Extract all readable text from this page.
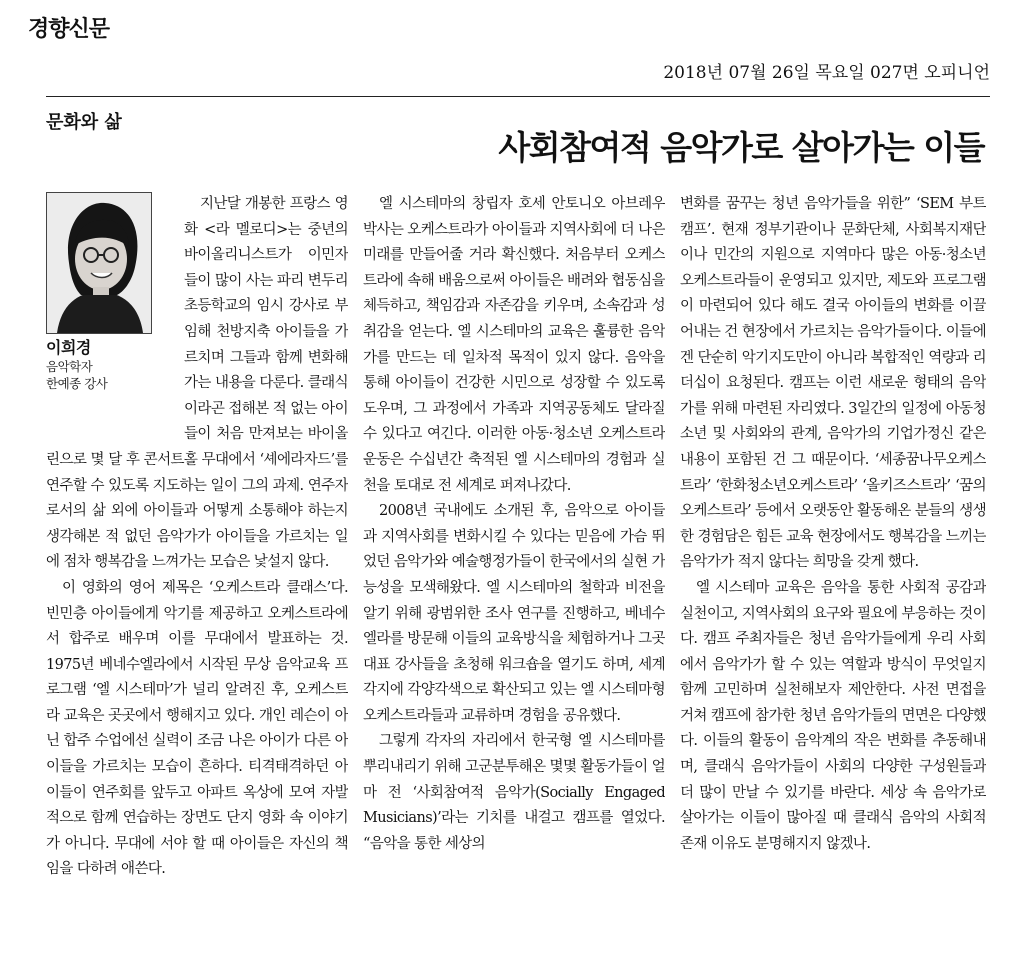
경향신문
2018년 07월 26일 목요일 027면 오피니언
문화와 삶
사회참여적 음악가로 살아가는 이들
이희경
음악학자
한예종 강사

지난달 개봉한 프랑스 영화 <라 멜로디>는 중년의 바이올리니스트가 이민자들이 많이 사는 파리 변두리 초등학교의 임시 강사로 부임해 천방지축 아이들을 가르치며 그들과 함께 변화해가는 내용을 다룬다. 클래식이라곤 접해본 적 없는 아이들이 처음 만져보는 바이올린으로 몇 달 후 콘서트홀 무대에서 ‘셰에라자드’를 연주할 수 있도록 지도하는 일이 그의 과제. 연주자로서의 삶 외에 아이들과 어떻게 소통해야 하는지 생각해본 적 없던 음악가가 아이들을 가르치는 일에 점차 행복감을 느껴가는 모습은 낯설지 않다.

이 영화의 영어 제목은 ‘오케스트라 클래스’다. 빈민층 아이들에게 악기를 제공하고 오케스트라에서 합주로 배우며 이를 무대에서 발표하는 것. 1975년 베네수엘라에서 시작된 무상 음악교육 프로그램 ‘엘 시스테마’가 널리 알려진 후, 오케스트라 교육은 곳곳에서 행해지고 있다. 개인 레슨이 아닌 합주 수업에선 실력이 조금 나은 아이가 다른 아이들을 가르치는 모습이 흔하다. 티격태격하던 아이들이 연주회를 앞두고 아파트 옥상에 모여 자발적으로 함께 연습하는 장면도 단지 영화 속 이야기가 아니다. 무대에 서야 할 때 아이들은 자신의 책임을 다하려 애쓴다.

엘 시스테마의 창립자 호세 안토니오 아브레우 박사는 오케스트라가 아이들과 지역사회에 더 나은 미래를 만들어줄 거라 확신했다. 처음부터 오케스트라에 속해 배움으로써 아이들은 배려와 협동심을 체득하고, 책임감과 자존감을 키우며, 소속감과 성취감을 얻는다. 엘 시스테마의 교육은 훌륭한 음악가를 만드는 데 일차적 목적이 있지 않다. 음악을 통해 아이들이 건강한 시민으로 성장할 수 있도록 도우며, 그 과정에서 가족과 지역공동체도 달라질 수 있다고 여긴다. 이러한 아동·청소년 오케스트라 운동은 수십년간 축적된 엘 시스테마의 경험과 실천을 토대로 전 세계로 퍼져나갔다.

2008년 국내에도 소개된 후, 음악으로 아이들과 지역사회를 변화시킬 수 있다는 믿음에 가슴 뛰었던 음악가와 예술행정가들이 한국에서의 실현 가능성을 모색해왔다. 엘 시스테마의 철학과 비전을 알기 위해 광범위한 조사 연구를 진행하고, 베네수엘라를 방문해 이들의 교육방식을 체험하거나 그곳 대표 강사들을 초청해 워크숍을 열기도 하며, 세계 각지에 각양각색으로 확산되고 있는 엘 시스테마형 오케스트라들과 교류하며 경험을 공유했다.

그렇게 각자의 자리에서 한국형 엘 시스테마를 뿌리내리기 위해 고군분투해온 몇몇 활동가들이 얼마 전 ‘사회참여적 음악가(Socially Engaged Musicians)’라는 기치를 내걸고 캠프를 열었다. “음악을 통한 세상의

변화를 꿈꾸는 청년 음악가들을 위한” ‘SEM 부트캠프’. 현재 정부기관이나 문화단체, 사회복지재단이나 민간의 지원으로 지역마다 많은 아동·청소년 오케스트라들이 운영되고 있지만, 제도와 프로그램이 마련되어 있다 해도 결국 아이들의 변화를 이끌어내는 건 현장에서 가르치는 음악가들이다. 이들에겐 단순히 악기지도만이 아니라 복합적인 역량과 리더십이 요청된다. 캠프는 이런 새로운 형태의 음악가를 위해 마련된 자리였다. 3일간의 일정에 아동청소년 및 사회와의 관계, 음악가의 기업가정신 같은 내용이 포함된 건 그 때문이다. ‘세종꿈나무오케스트라’ ‘한화청소년오케스트라’ ‘올키즈스트라’ ‘꿈의 오케스트라’ 등에서 오랫동안 활동해온 분들의 생생한 경험담은 힘든 교육 현장에서도 행복감을 느끼는 음악가가 적지 않다는 희망을 갖게 했다.

엘 시스테마 교육은 음악을 통한 사회적 공감과 실천이고, 지역사회의 요구와 필요에 부응하는 것이다. 캠프 주최자들은 청년 음악가들에게 우리 사회에서 음악가가 할 수 있는 역할과 방식이 무엇일지 함께 고민하며 실천해보자 제안한다. 사전 면접을 거쳐 캠프에 참가한 청년 음악가들의 면면은 다양했다. 이들의 활동이 음악계의 작은 변화를 추동해내며, 클래식 음악가들이 사회의 다양한 구성원들과 더 많이 만날 수 있기를 바란다. 세상 속 음악가로 살아가는 이들이 많아질 때 클래식 음악의 사회적 존재 이유도 분명해지지 않겠나.
